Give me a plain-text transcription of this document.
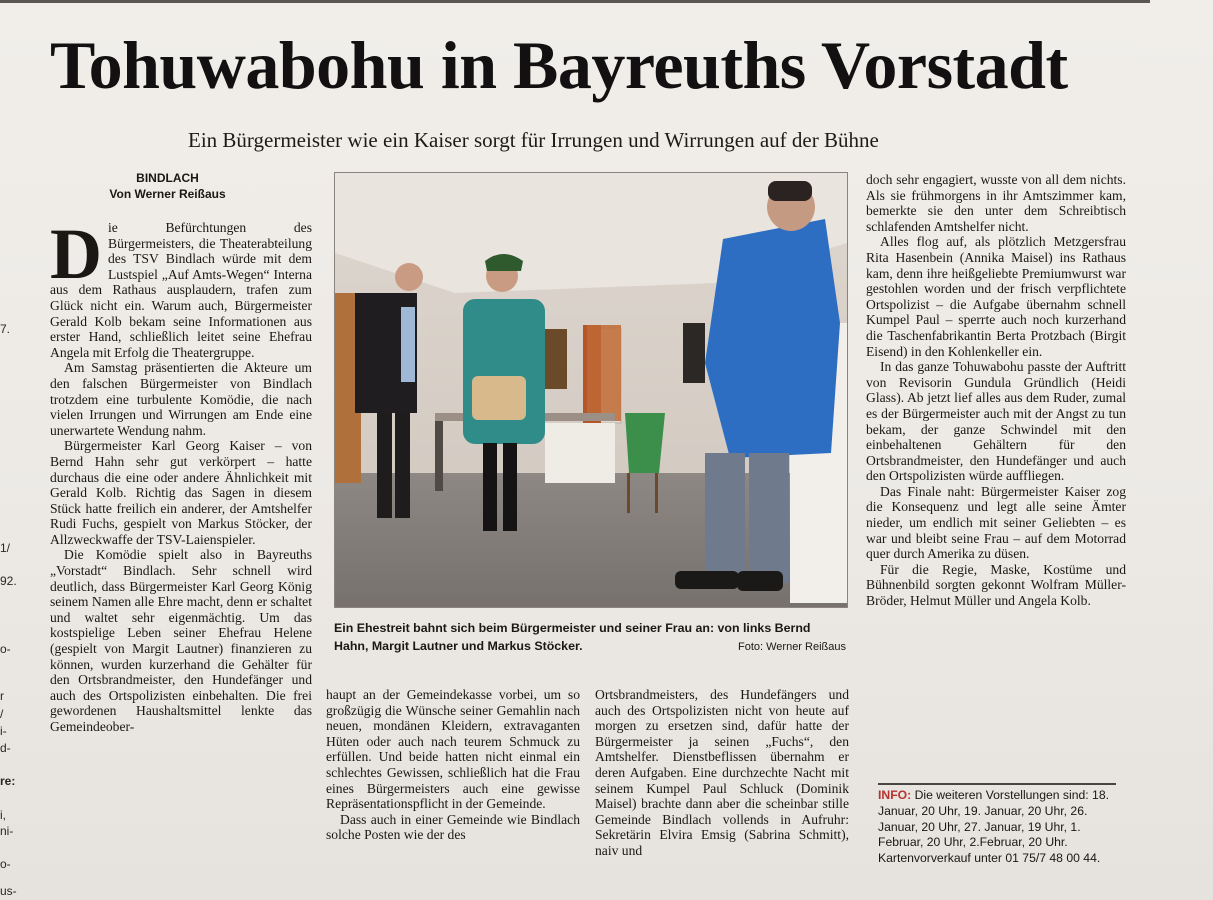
7.
1/
92.
o-
r
/
i-
d-
re:
i,
ni-
o-
us-
Tohuwabohu in Bayreuths Vorstadt
Ein Bürgermeister wie ein Kaiser sorgt für Irrungen und Wirrungen auf der Bühne
BINDLACH
Von Werner Reißaus

Die Befürchtungen des Bürgermeisters, die Theaterabteilung des TSV Bindlach würde mit dem Lustspiel „Auf Amts-Wegen“ Interna aus dem Rathaus ausplaudern, trafen zum Glück nicht ein. Warum auch, Bürgermeister Gerald Kolb bekam seine Informationen aus erster Hand, schließlich leitet seine Ehefrau Angela mit Erfolg die Theatergruppe.

Am Samstag präsentierten die Akteure um den falschen Bürgermeister von Bindlach trotzdem eine turbulente Komödie, die nach vielen Irrungen und Wirrungen am Ende eine unerwartete Wendung nahm.

Bürgermeister Karl Georg Kaiser – von Bernd Hahn sehr gut verkörpert – hatte durchaus die eine oder andere Ähnlichkeit mit Gerald Kolb. Richtig das Sagen in diesem Stück hatte freilich ein anderer, der Amtshelfer Rudi Fuchs, gespielt von Markus Stöcker, der Allzweckwaffe der TSV-Laienspieler.

Die Komödie spielt also in Bayreuths „Vorstadt“ Bindlach. Sehr schnell wird deutlich, dass Bürgermeister Karl Georg König seinem Namen alle Ehre macht, denn er schaltet und waltet sehr eigenmächtig. Um das kostspielige Leben seiner Ehefrau Helene (gespielt von Margit Lautner) finanzieren zu können, wurden kurzerhand die Gehälter für den Ortsbrandmeister, den Hundefänger und auch des Ortspolizisten einbehalten. Die frei gewordenen Haushaltsmittel lenkte das Gemeindeober-

Ein Ehestreit bahnt sich beim Bürgermeister und seiner Frau an: von links Bernd Hahn, Margit Lautner und Markus Stöcker.	Foto: Werner Reißaus

haupt an der Gemeindekasse vorbei, um so großzügig die Wünsche seiner Gemahlin nach neuen, mondänen Kleidern, extravaganten Hüten oder auch nach teurem Schmuck zu erfüllen. Und beide hatten nicht einmal ein schlechtes Gewissen, schließlich hat die Frau eines Bürgermeisters auch eine gewisse Repräsentationspflicht in der Gemeinde.

Dass auch in einer Gemeinde wie Bindlach solche Posten wie der des

Ortsbrandmeisters, des Hundefängers und auch des Ortspolizisten nicht von heute auf morgen zu ersetzen sind, dafür hatte der Bürgermeister ja seinen „Fuchs“, den Amtshelfer. Dienstbeflissen übernahm er deren Aufgaben. Eine durchzechte Nacht mit seinem Kumpel Paul Schluck (Dominik Maisel) brachte dann aber die scheinbar stille Gemeinde Bindlach vollends in Aufruhr: Sekretärin Elvira Emsig (Sabrina Schmitt), naiv und

doch sehr engagiert, wusste von all dem nichts. Als sie frühmorgens in ihr Amtszimmer kam, bemerkte sie den unter dem Schreibtisch schlafenden Amtshelfer nicht.

Alles flog auf, als plötzlich Metzgersfrau Rita Hasenbein (Annika Maisel) ins Rathaus kam, denn ihre heißgeliebte Premiumwurst war gestohlen worden und der frisch verpflichtete Ortspolizist – die Aufgabe übernahm schnell Kumpel Paul – sperrte auch noch kurzerhand die Taschenfabrikantin Berta Protzbach (Birgit Eisend) in den Kohlenkeller ein.

In das ganze Tohuwabohu passte der Auftritt von Revisorin Gundula Gründlich (Heidi Glass). Ab jetzt lief alles aus dem Ruder, zumal es der Bürgermeister auch mit der Angst zu tun bekam, der ganze Schwindel mit den einbehaltenen Gehältern für den Ortsbrandmeister, den Hundefänger und auch den Ortspolizisten würde auffliegen.

Das Finale naht: Bürgermeister Kaiser zog die Konsequenz und legt alle seine Ämter nieder, um endlich mit seiner Geliebten – es war und bleibt seine Frau – auf dem Motorrad quer durch Amerika zu düsen.

Für die Regie, Maske, Kostüme und Bühnenbild sorgten gekonnt Wolfram Müller-Bröder, Helmut Müller und Angela Kolb.

INFO: Die weiteren Vorstellungen sind: 18. Januar, 20 Uhr, 19. Januar, 20 Uhr, 26. Januar, 20 Uhr, 27. Januar, 19 Uhr, 1. Februar, 20 Uhr, 2.Februar, 20 Uhr. Kartenvorverkauf unter 01 75/7 48 00 44.
